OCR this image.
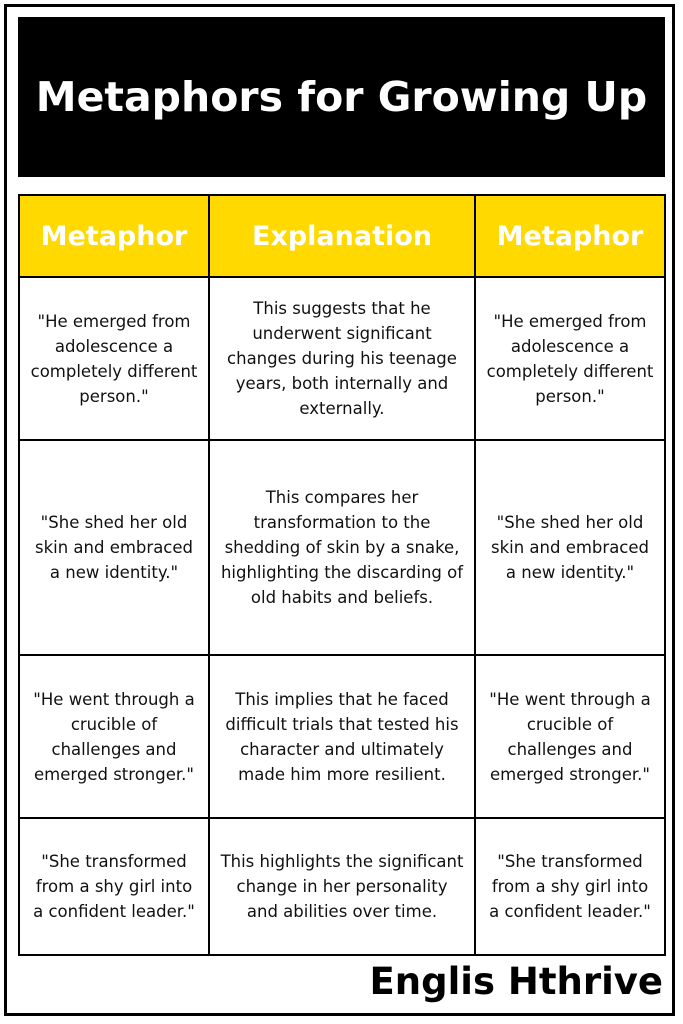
Metaphors for Growing Up
Metaphor	Explanation	Metaphor
"He emerged from adolescence a completely different person."	This suggests that he underwent significant changes during his teenage years, both internally and externally.	"He emerged from adolescence a completely different person."
"She shed her old skin and embraced a new identity."	This compares her transformation to the shedding of skin by a snake, highlighting the discarding of old habits and beliefs.	"She shed her old skin and embraced a new identity."
"He went through a crucible of challenges and emerged stronger."	This implies that he faced difficult trials that tested his character and ultimately made him more resilient.	"He went through a crucible of challenges and emerged stronger."
"She transformed from a shy girl into a confident leader."	This highlights the significant change in her personality and abilities over time.	"She transformed from a shy girl into a confident leader."
Englis Hthrive
